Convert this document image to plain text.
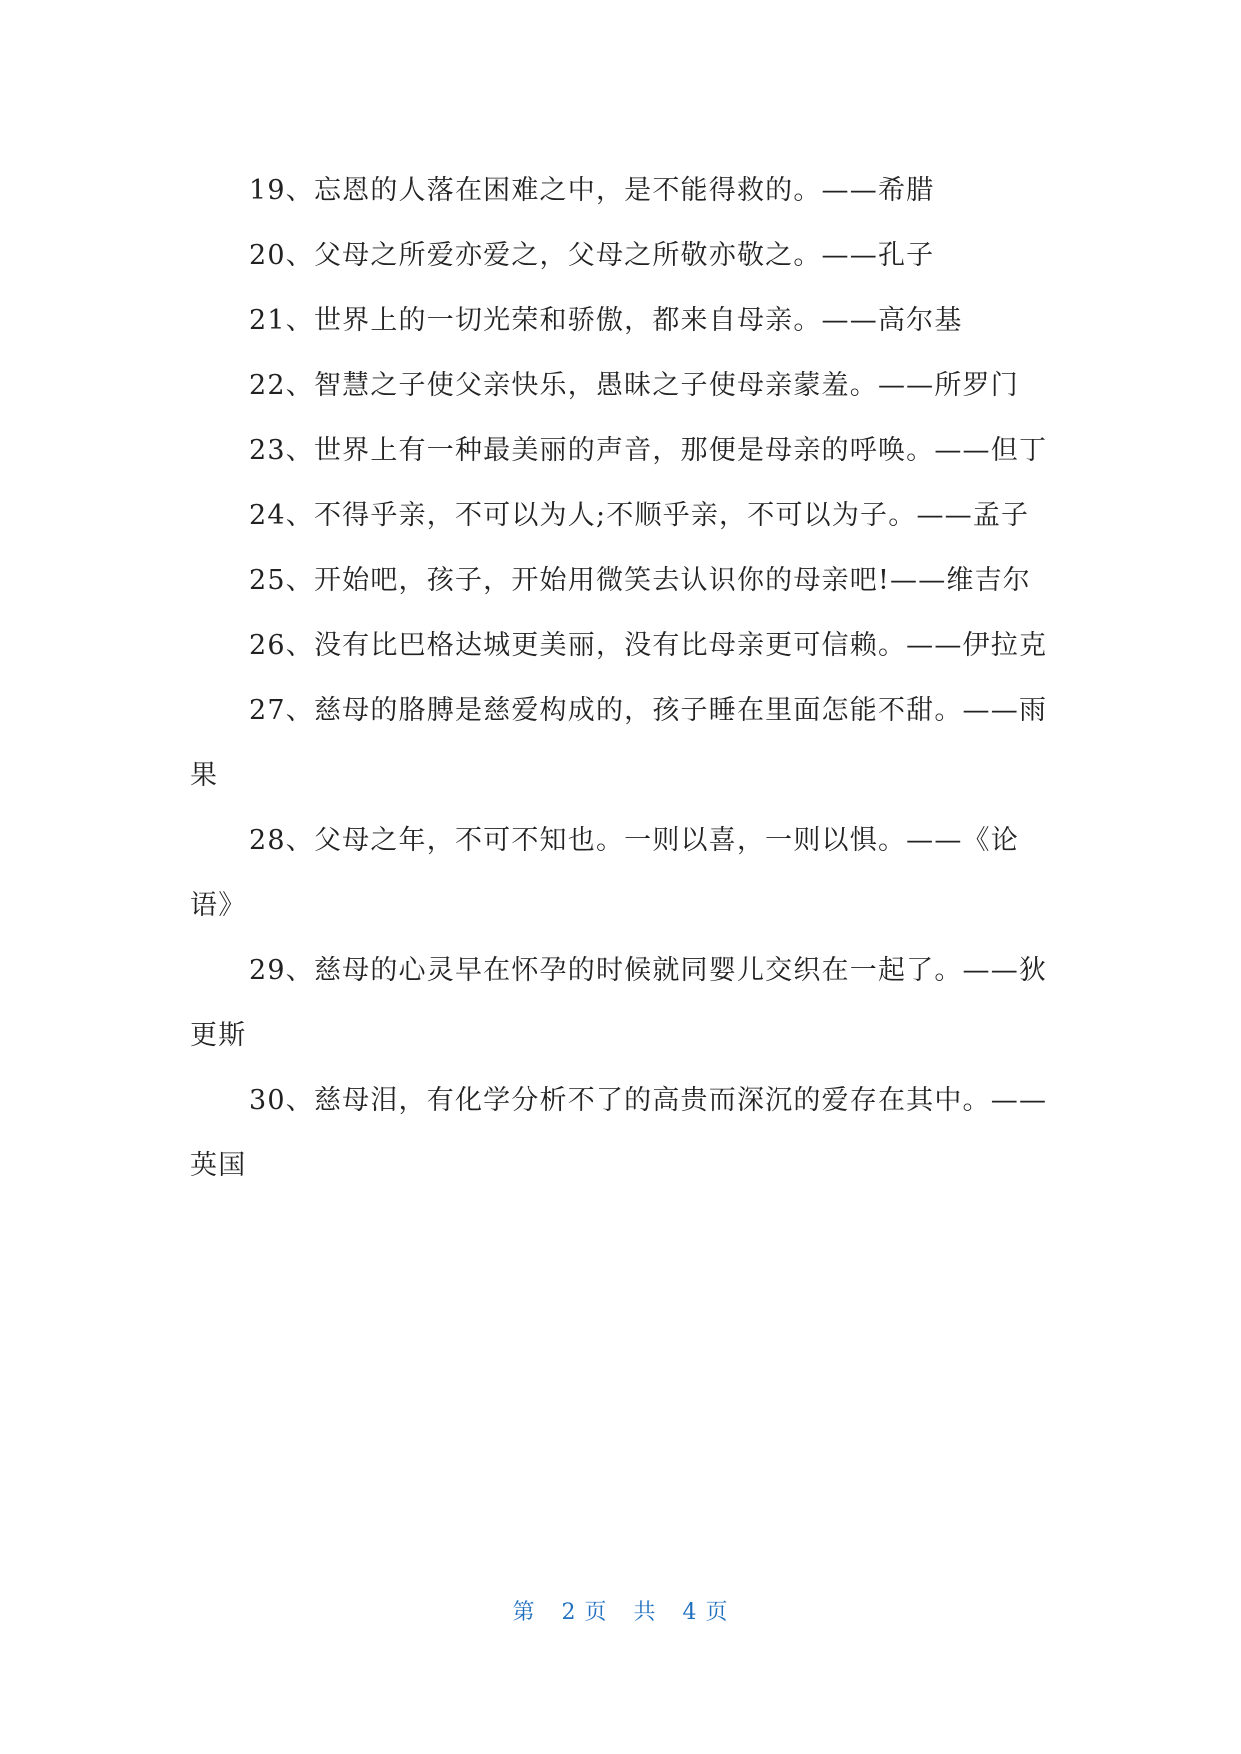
19、忘恩的人落在困难之中，是不能得救的。——希腊

20、父母之所爱亦爱之，父母之所敬亦敬之。——孔子

21、世界上的一切光荣和骄傲，都来自母亲。——高尔基

22、智慧之子使父亲快乐，愚昧之子使母亲蒙羞。——所罗门

23、世界上有一种最美丽的声音，那便是母亲的呼唤。——但丁

24、不得乎亲，不可以为人;不顺乎亲，不可以为子。——孟子

25、开始吧，孩子，开始用微笑去认识你的母亲吧!——维吉尔

26、没有比巴格达城更美丽，没有比母亲更可信赖。——伊拉克

27、慈母的胳膊是慈爱构成的，孩子睡在里面怎能不甜。——雨果

28、父母之年，不可不知也。一则以喜，一则以惧。——《论语》

29、慈母的心灵早在怀孕的时候就同婴儿交织在一起了。——狄更斯

30、慈母泪，有化学分析不了的高贵而深沉的爱存在其中。——英国

第 2 页 共 4 页
